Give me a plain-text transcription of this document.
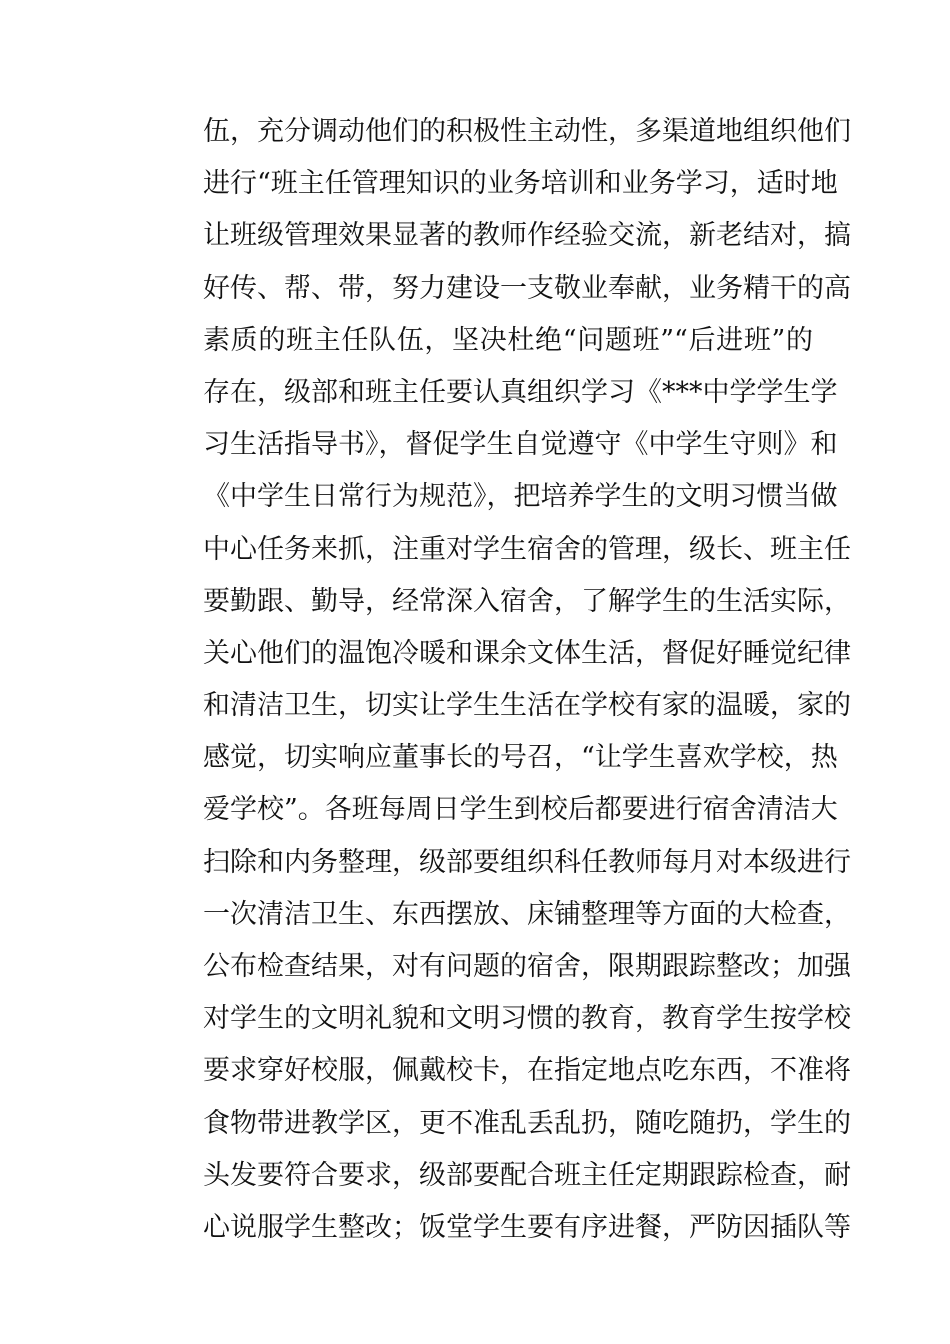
伍，充分调动他们的积极性主动性，多渠道地组织他们
进行“班主任管理知识的业务培训和业务学习，适时地
让班级管理效果显著的教师作经验交流，新老结对，搞
好传、帮、带，努力建设一支敬业奉献，业务精干的高
素质的班主任队伍，坚决杜绝“问题班”“后进班”的
存在，级部和班主任要认真组织学习《***中学学生学
习生活指导书》，督促学生自觉遵守《中学生守则》和
《中学生日常行为规范》，把培养学生的文明习惯当做
中心任务来抓，注重对学生宿舍的管理，级长、班主任
要勤跟、勤导，经常深入宿舍，了解学生的生活实际，
关心他们的温饱冷暖和课余文体生活，督促好睡觉纪律
和清洁卫生，切实让学生生活在学校有家的温暖，家的
感觉，切实响应董事长的号召，“让学生喜欢学校，热
爱学校”。各班每周日学生到校后都要进行宿舍清洁大
扫除和内务整理，级部要组织科任教师每月对本级进行
一次清洁卫生、东西摆放、床铺整理等方面的大检查，
公布检查结果，对有问题的宿舍，限期跟踪整改；加强
对学生的文明礼貌和文明习惯的教育，教育学生按学校
要求穿好校服，佩戴校卡，在指定地点吃东西，不准将
食物带进教学区，更不准乱丢乱扔，随吃随扔，学生的
头发要符合要求，级部要配合班主任定期跟踪检查，耐
心说服学生整改；饭堂学生要有序进餐，严防因插队等
